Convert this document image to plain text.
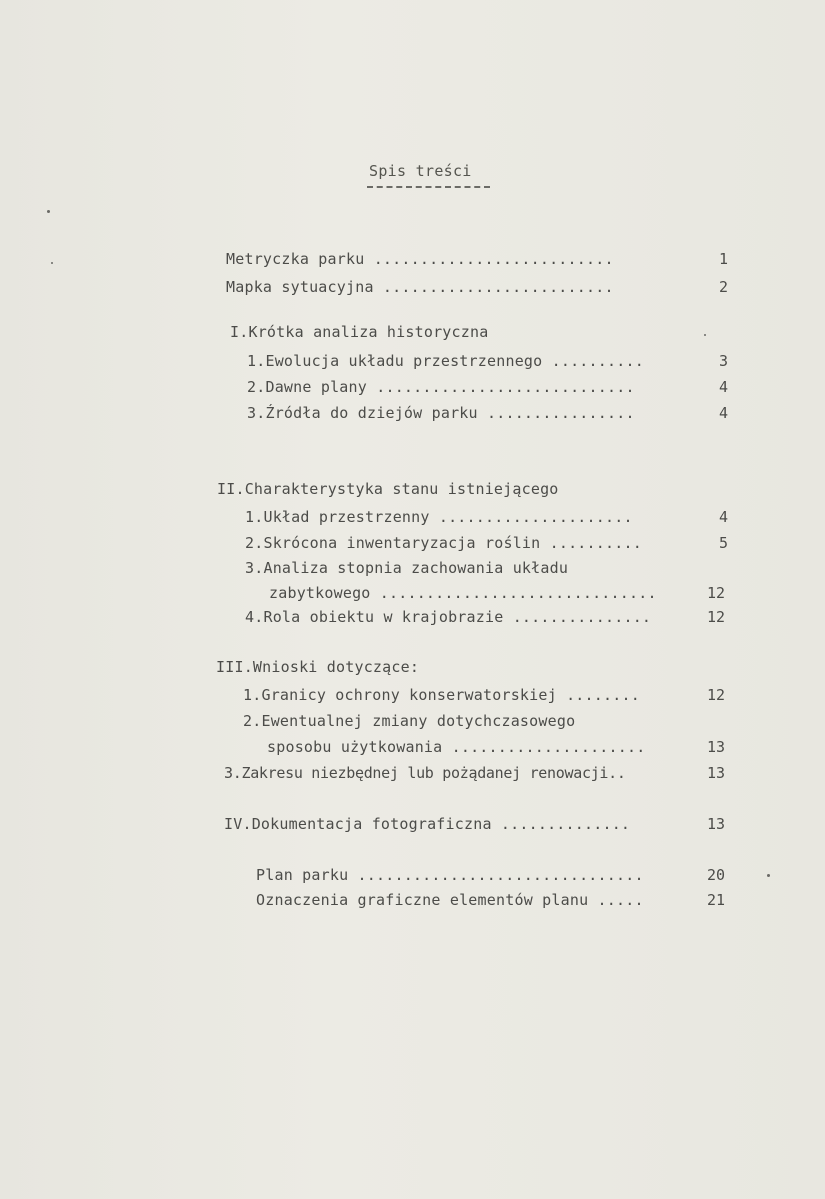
Spis treści
Metryczka parku ..........................	1
Mapka sytuacyjna .........................	2
I.Krótka analiza historyczna
1.Ewolucja układu przestrzennego ..........	3
2.Dawne plany ............................	4
3.Źródła do dziejów parku ................	4
II.Charakterystyka stanu istniejącego
1.Układ przestrzenny .....................	4
2.Skrócona inwentaryzacja roślin ..........	5
3.Analiza stopnia zachowania układu
zabytkowego ..............................	12
4.Rola obiektu w krajobrazie ...............	12
III.Wnioski dotyczące:
1.Granicy ochrony konserwatorskiej ........	12
2.Ewentualnej zmiany dotychczasowego
sposobu użytkowania .....................	13
3.Zakresu niezbędnej lub pożądanej renowacji..	13
IV.Dokumentacja fotograficzna ..............	13
Plan parku ...............................	20
Oznaczenia graficzne elementów planu .....	21
